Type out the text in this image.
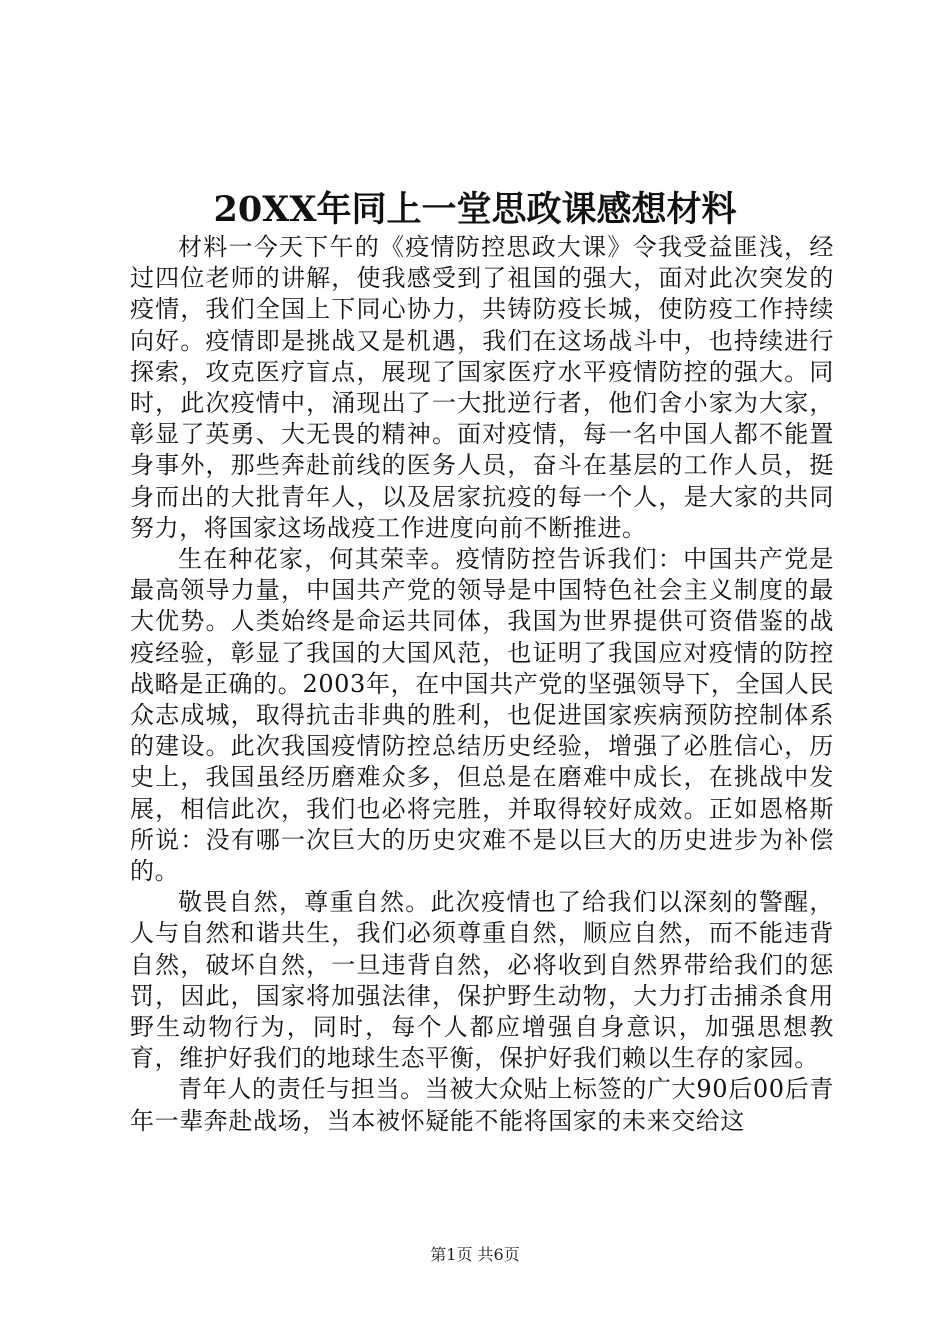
20XX年同上一堂思政课感想材料

材料一今天下午的《疫情防控思政大课》令我受益匪浅，经过四位老师的讲解，使我感受到了祖国的强大，面对此次突发的疫情，我们全国上下同心协力，共铸防疫长城，使防疫工作持续向好。疫情即是挑战又是机遇，我们在这场战斗中，也持续进行探索，攻克医疗盲点，展现了国家医疗水平疫情防控的强大。同时，此次疫情中，涌现出了一大批逆行者，他们舍小家为大家，彰显了英勇、大无畏的精神。面对疫情，每一名中国人都不能置身事外，那些奔赴前线的医务人员，奋斗在基层的工作人员，挺身而出的大批青年人，以及居家抗疫的每一个人，是大家的共同努力，将国家这场战疫工作进度向前不断推进。

生在种花家，何其荣幸。疫情防控告诉我们：中国共产党是最高领导力量，中国共产党的领导是中国特色社会主义制度的最大优势。人类始终是命运共同体，我国为世界提供可资借鉴的战疫经验，彰显了我国的大国风范，也证明了我国应对疫情的防控战略是正确的。2003年，在中国共产党的坚强领导下，全国人民众志成城，取得抗击非典的胜利，也促进国家疾病预防控制体系的建设。此次我国疫情防控总结历史经验，增强了必胜信心，历史上，我国虽经历磨难众多，但总是在磨难中成长，在挑战中发展，相信此次，我们也必将完胜，并取得较好成效。正如恩格斯所说：没有哪一次巨大的历史灾难不是以巨大的历史进步为补偿的。

敬畏自然，尊重自然。此次疫情也了给我们以深刻的警醒，人与自然和谐共生，我们必须尊重自然，顺应自然，而不能违背自然，破坏自然，一旦违背自然，必将收到自然界带给我们的惩罚，因此，国家将加强法律，保护野生动物，大力打击捕杀食用野生动物行为，同时，每个人都应增强自身意识，加强思想教育，维护好我们的地球生态平衡，保护好我们赖以生存的家园。

青年人的责任与担当。当被大众贴上标签的广大90后00后青年一辈奔赴战场，当本被怀疑能不能将国家的未来交给这

第1页 共6页
